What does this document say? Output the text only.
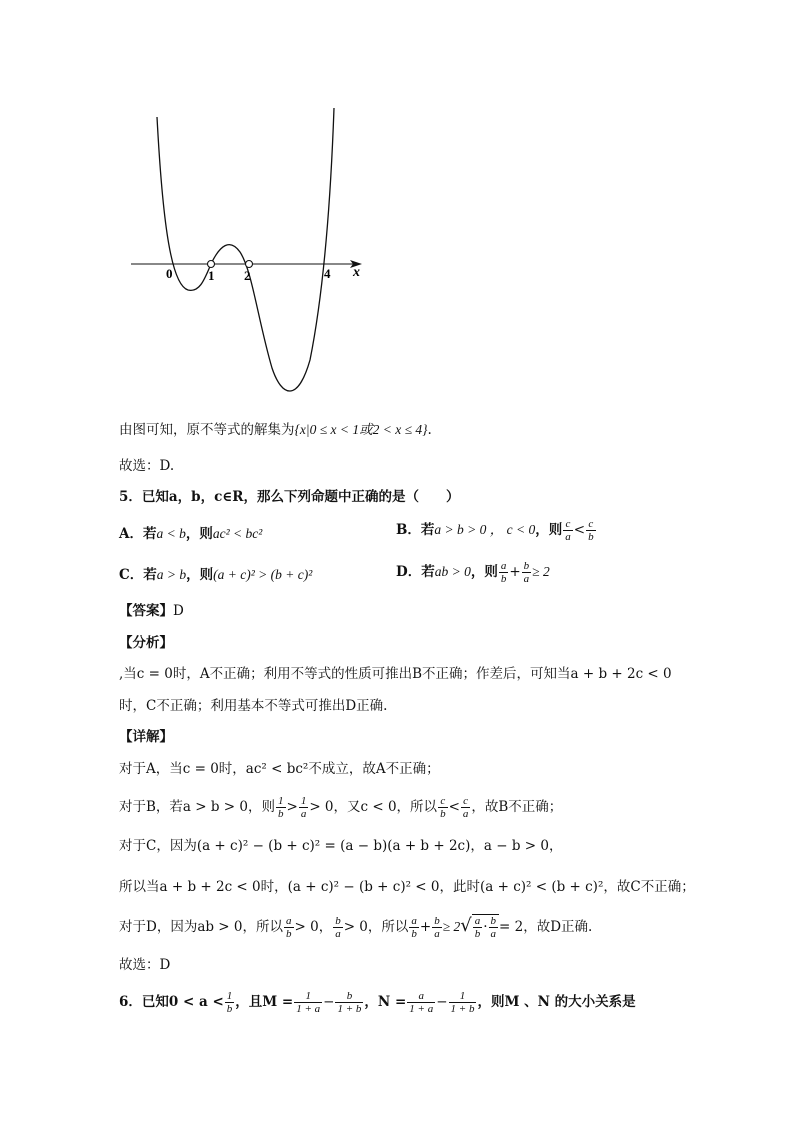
x
0	1 2	4
由图可知，原不等式的解集为{x|0 ≤ x < 1或2 < x ≤ 4}.
故选：D.
5．已知a，b，c∈R，那么下列命题中正确的是（　　）
A．若a < b，则ac² < bc²	B．若a > b > 0 ， c < 0，则 $\frac{c}{a} < \frac{c}{b}$
C．若a > b，则(a + c)² > (b + c)²	D．若ab > 0，则 $\frac{a}{b} + \frac{b}{a} \ge 2$
【答案】D
【分析】
,当c = 0时，A不正确；利用不等式的性质可推出B不正确；作差后，可知当a + b + 2c < 0
时，C不正确；利用基本不等式可推出D正确.
【详解】
对于A，当c = 0时，ac² < bc²不成立，故A不正确；
对于B，若a > b > 0，则 $\frac{1}{b} > \frac{1}{a} > 0$，又c < 0，所以 $\frac{c}{b} < \frac{c}{a}$ ，故B不正确；
对于C，因为(a + c)² − (b + c)² = (a − b)(a + b + 2c)，a − b > 0，
所以当a + b + 2c < 0时，(a + c)² − (b + c)² < 0，此时(a + c)² < (b + c)²，故C不正确；
对于D，因为ab > 0，所以 $\frac{a}{b} > 0$， $\frac{b}{a} > 0$，所以 $\frac{a}{b} + \frac{b}{a} \ge 2√ \frac{a}{b} \cdot \frac{b}{a} = 2$，故D正确.
故选：D
6．已知$0 < a < \frac{1}{b}$ ，且$M = \frac{1}{1 + a} - \frac{b}{1 + b}$ ，$N = \frac{a}{1 + a} - \frac{1}{1 + b}$ ，则M 、N 的大小关系是
